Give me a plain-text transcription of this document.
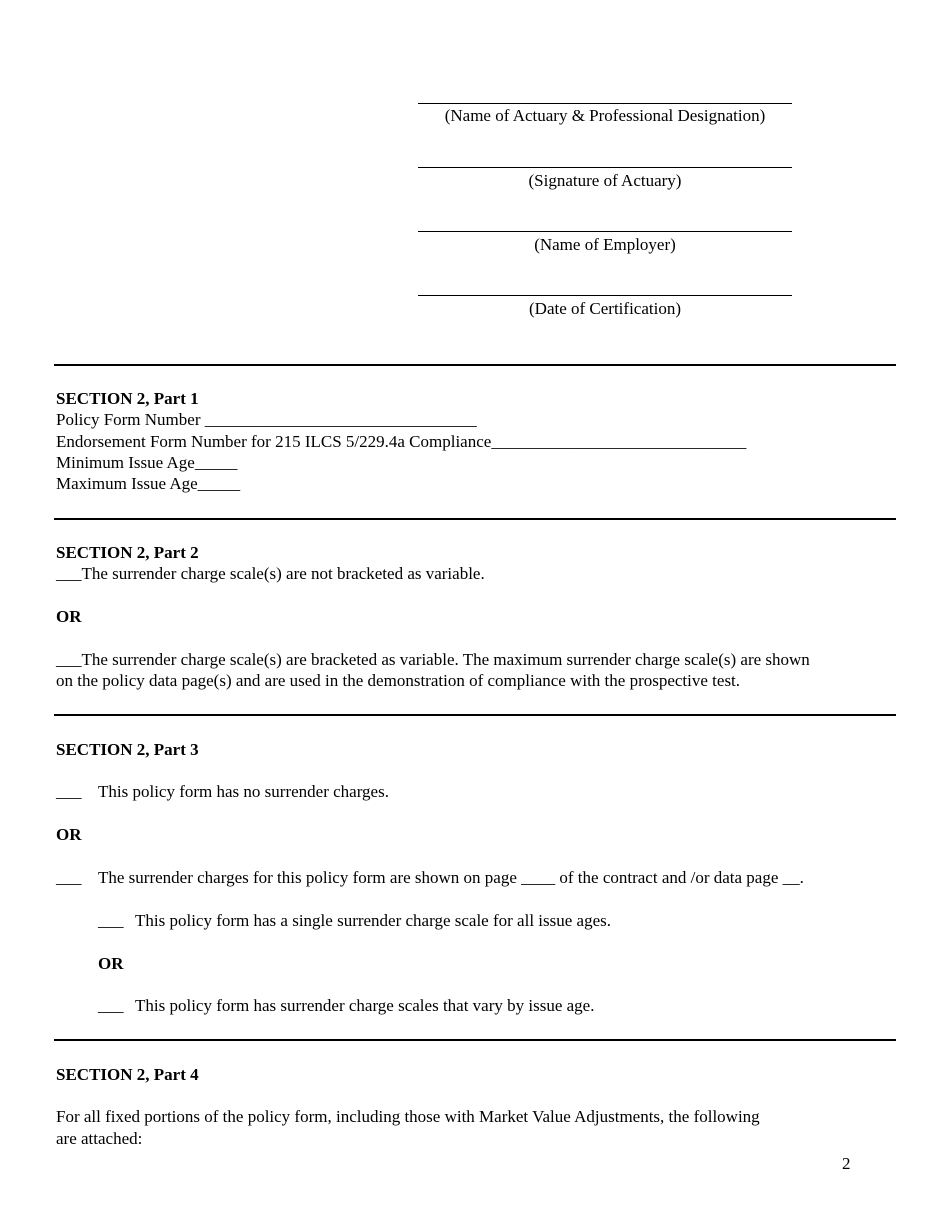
(Name of Actuary & Professional Designation)
(Signature of Actuary)
(Name of Employer)
(Date of Certification)
SECTION 2, Part 1
Policy Form Number ________________________________
Endorsement Form Number for 215 ILCS 5/229.4a Compliance______________________________
Minimum Issue Age_____
Maximum Issue Age_____
SECTION 2, Part 2
___The surrender charge scale(s) are not bracketed as variable.
OR
___The surrender charge scale(s) are bracketed as variable. The maximum surrender charge scale(s) are shown
on the policy data page(s) and are used in the demonstration of compliance with the prospective test.
SECTION 2, Part 3
___ This policy form has no surrender charges.
OR
___ The surrender charges for this policy form are shown on page ____ of the contract and /or data page __.
___ This policy form has a single surrender charge scale for all issue ages.
OR
___ This policy form has surrender charge scales that vary by issue age.
SECTION 2, Part 4
For all fixed portions of the policy form, including those with Market Value Adjustments, the following
are attached:
2
